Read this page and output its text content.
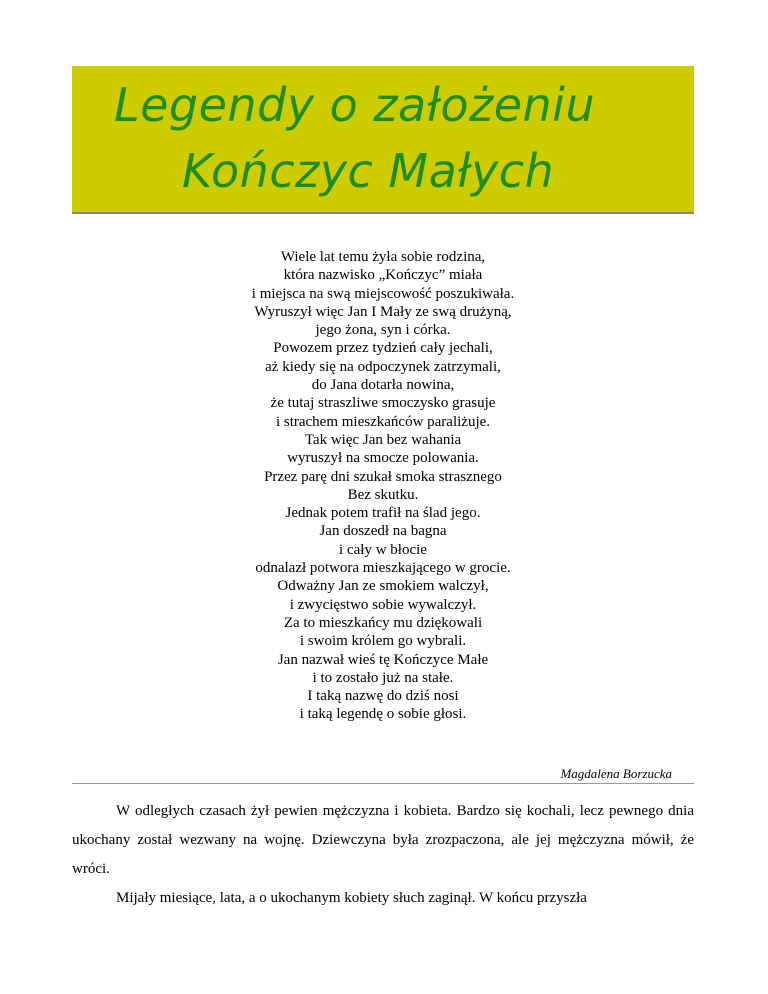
Legendy o założeniu
Kończyc Małych
Wiele lat temu żyła sobie rodzina,
która nazwisko „Kończyc” miała
i miejsca na swą miejscowość poszukiwała.
Wyruszył więc Jan I Mały ze swą drużyną,
jego żona, syn i córka.
Powozem przez tydzień cały jechali,
aż kiedy się na odpoczynek zatrzymali,
do Jana dotarła nowina,
że tutaj straszliwe smoczysko grasuje
i strachem mieszkańców paraliżuje.
Tak więc Jan bez wahania
wyruszył na smocze polowania.
Przez parę dni szukał smoka strasznego
Bez skutku.
Jednak potem trafił na ślad jego.
Jan doszedł na bagna
i cały w błocie
odnalazł potwora mieszkającego w grocie.
Odważny Jan ze smokiem walczył,
i zwycięstwo sobie wywalczył.
Za to mieszkańcy mu dziękowali
i swoim królem go wybrali.
Jan nazwał wieś tę Kończyce Małe
i to zostało już na stałe.
I taką nazwę do dziś nosi
i taką legendę o sobie głosi.
Magdalena Borzucka

W odległych czasach żył pewien mężczyzna i kobieta. Bardzo się kochali, lecz pewnego dnia ukochany został wezwany na wojnę. Dziewczyna była zrozpaczona, ale jej mężczyzna mówił, że wróci.

Mijały miesiące, lata, a o ukochanym kobiety słuch zaginął. W końcu przyszła
